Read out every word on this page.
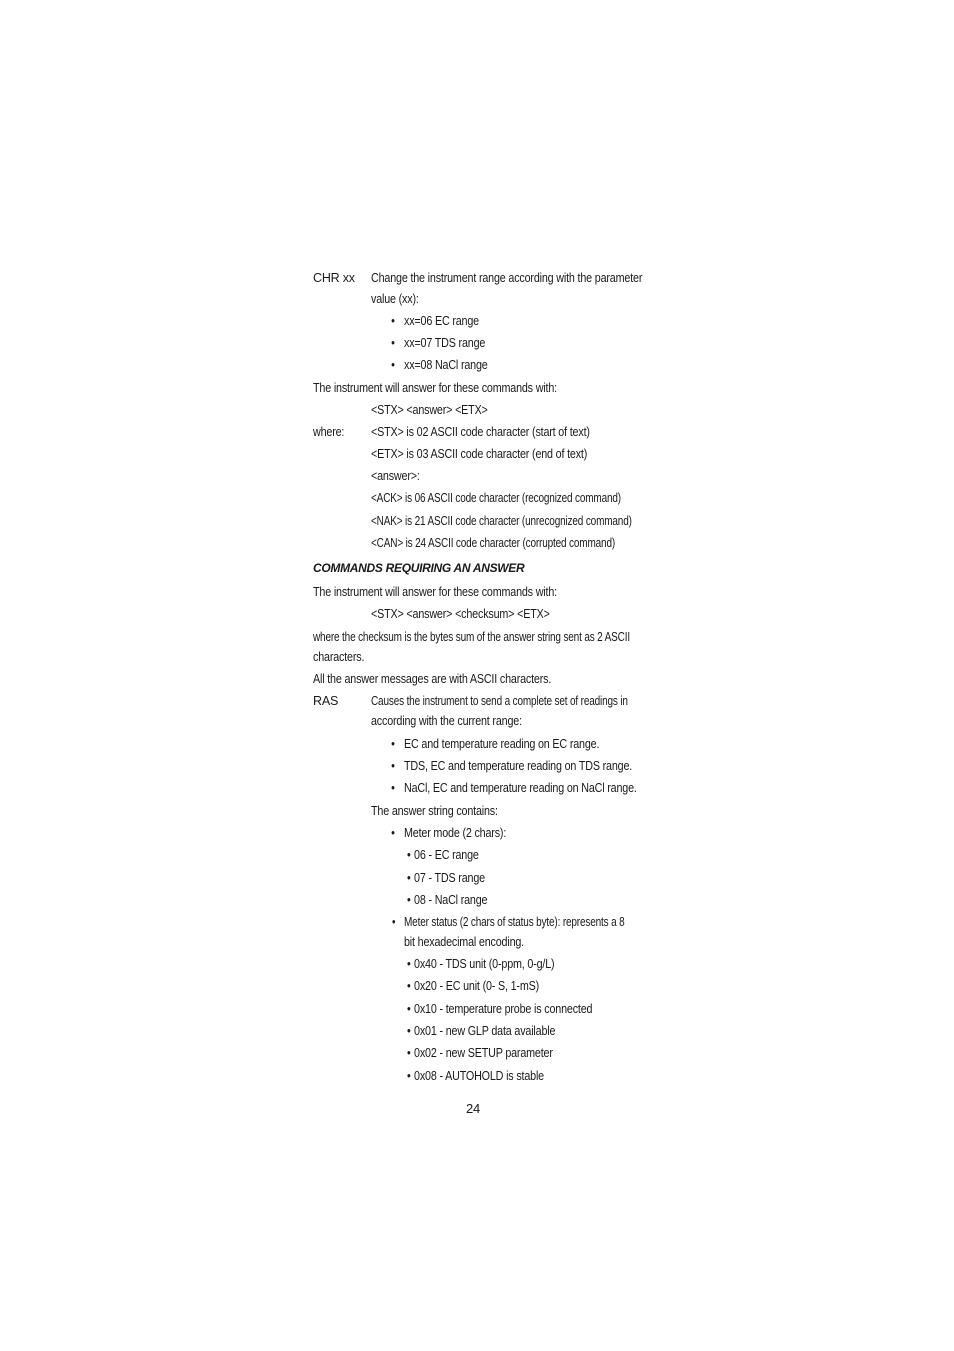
CHR xx Change the instrument range according with the parameter
value (xx):
• xx=06 EC range
• xx=07 TDS range
• xx=08 NaCl range
The instrument will answer for these commands with:
<STX> <answer> <ETX>
where: <STX> is 02 ASCII code character (start of text)
<ETX> is 03 ASCII code character (end of text)
<answer>:
<ACK> is 06 ASCII code character (recognized command)
<NAK> is 21 ASCII code character (unrecognized command)
<CAN> is 24 ASCII code character (corrupted command)
COMMANDS REQUIRING AN ANSWER
The instrument will answer for these commands with:
<STX> <answer> <checksum> <ETX>
where the checksum is the bytes sum of the answer string sent as 2 ASCII
characters.
All the answer messages are with ASCII characters.
RAS	Causes the instrument to send a complete set of readings in
according with the current range:
• EC and temperature reading on EC range.
• TDS, EC and temperature reading on TDS range.
• NaCl, EC and temperature reading on NaCl range.
The answer string contains:
• Meter mode (2 chars):
• 06 - EC range
• 07 - TDS range
• 08 - NaCl range
• Meter status (2 chars of status byte): represents a 8
bit hexadecimal encoding.
• 0x40 - TDS unit (0-ppm, 0-g/L)
• 0x20 - EC unit (0- S, 1-mS)
• 0x10 - temperature probe is connected
• 0x01 - new GLP data available
• 0x02 - new SETUP parameter
• 0x08 - AUTOHOLD is stable
24
